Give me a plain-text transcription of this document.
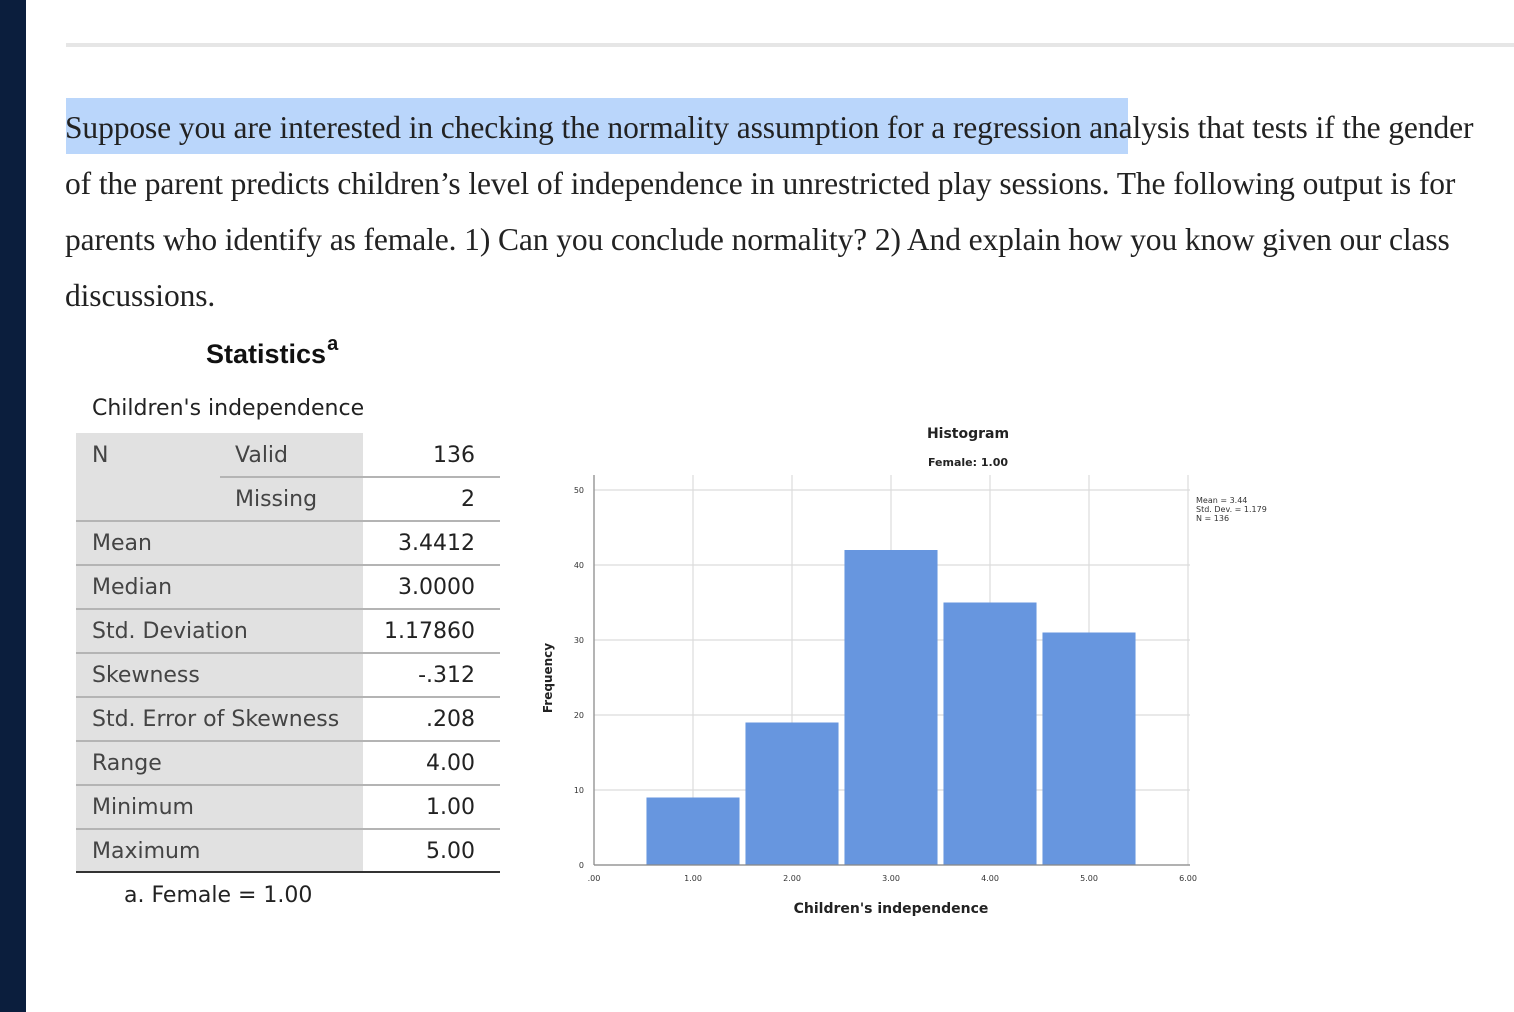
Suppose you are interested in checking the normality assumption for a regression analysis that tests if the gender
of the parent predicts children’s level of independence in unrestricted play sessions. The following output is for
parents who identify as female. 1) Can you conclude normality? 2) And explain how you know given our class
discussions.

Statistics$^a$
Children's independence
N	Valid	136
Missing	2
Mean	3.4412
Median	3.0000
Std. Deviation	1.17860
Skewness	-.312
Std. Error of Skewness	.208
Range	4.00
Minimum	1.00
Maximum	5.00
a. Female = 1.00
0
10
20
30
40
50
.00	1.00	2.00	3.00	4.00	5.00	6.00
Histogram
Female: 1.00
Children's independence
Frequency
Mean = 3.44
Std. Dev. = 1.179
N = 136
